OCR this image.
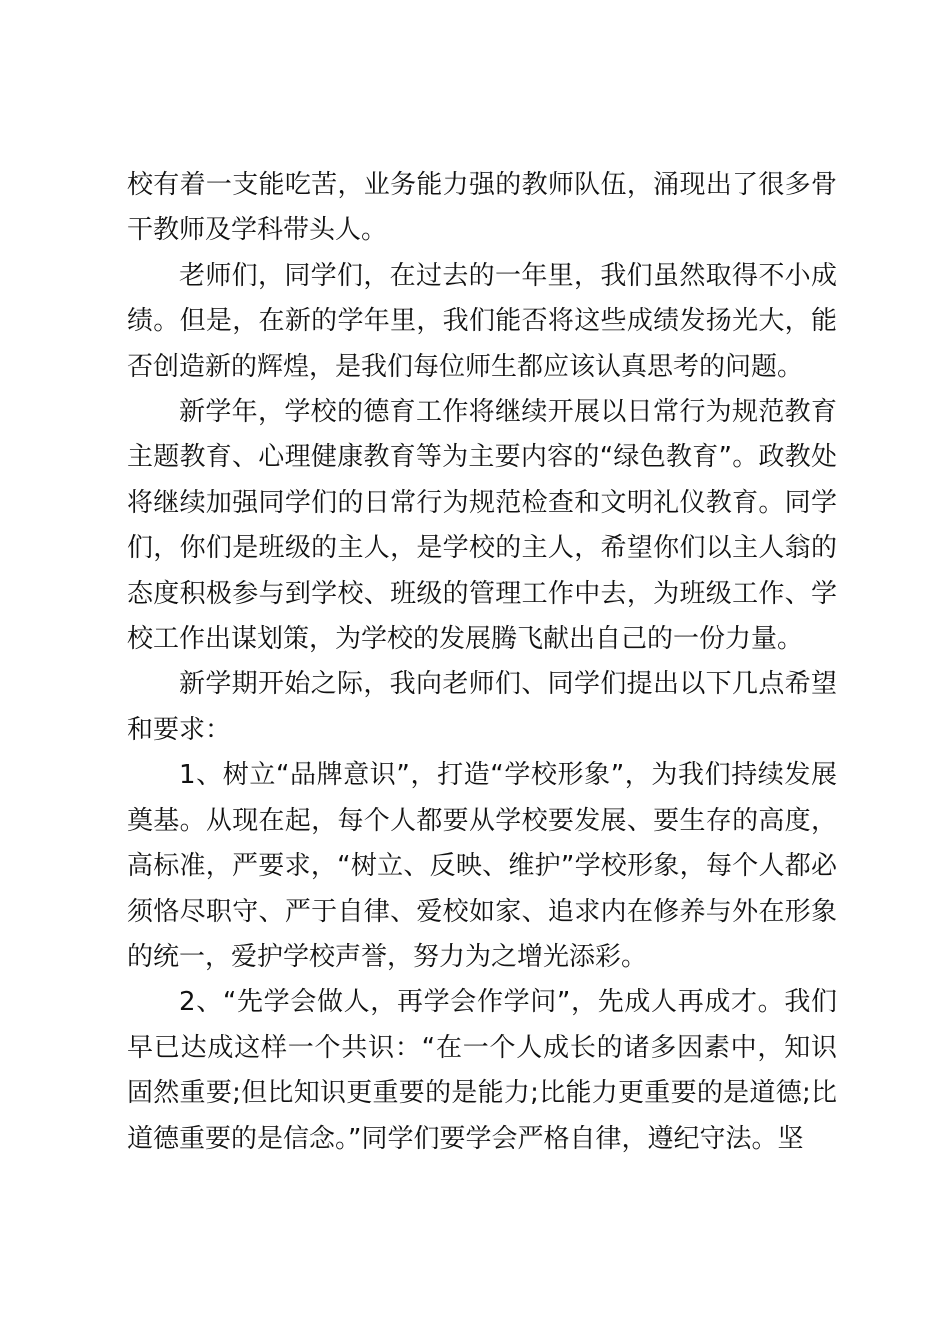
校有着一支能吃苦，业务能力强的教师队伍，涌现出了很多骨干教师及学科带头人。

老师们，同学们，在过去的一年里，我们虽然取得不小成绩。但是，在新的学年里，我们能否将这些成绩发扬光大，能否创造新的辉煌，是我们每位师生都应该认真思考的问题。

新学年，学校的德育工作将继续开展以日常行为规范教育主题教育、心理健康教育等为主要内容的“绿色教育”。政教处将继续加强同学们的日常行为规范检查和文明礼仪教育。同学们，你们是班级的主人，是学校的主人，希望你们以主人翁的态度积极参与到学校、班级的管理工作中去，为班级工作、学校工作出谋划策，为学校的发展腾飞献出自己的一份力量。

新学期开始之际，我向老师们、同学们提出以下几点希望和要求：

1、树立“品牌意识”，打造“学校形象”，为我们持续发展奠基。从现在起，每个人都要从学校要发展、要生存的高度，高标准，严要求，“树立、反映、维护”学校形象，每个人都必须恪尽职守、严于自律、爱校如家、追求内在修养与外在形象的统一，爱护学校声誉，努力为之增光添彩。

2、“先学会做人，再学会作学问”，先成人再成才。我们早已达成这样一个共识：“在一个人成长的诸多因素中，知识固然重要;但比知识更重要的是能力;比能力更重要的是道德;比道德重要的是信念。”同学们要学会严格自律，遵纪守法。坚
